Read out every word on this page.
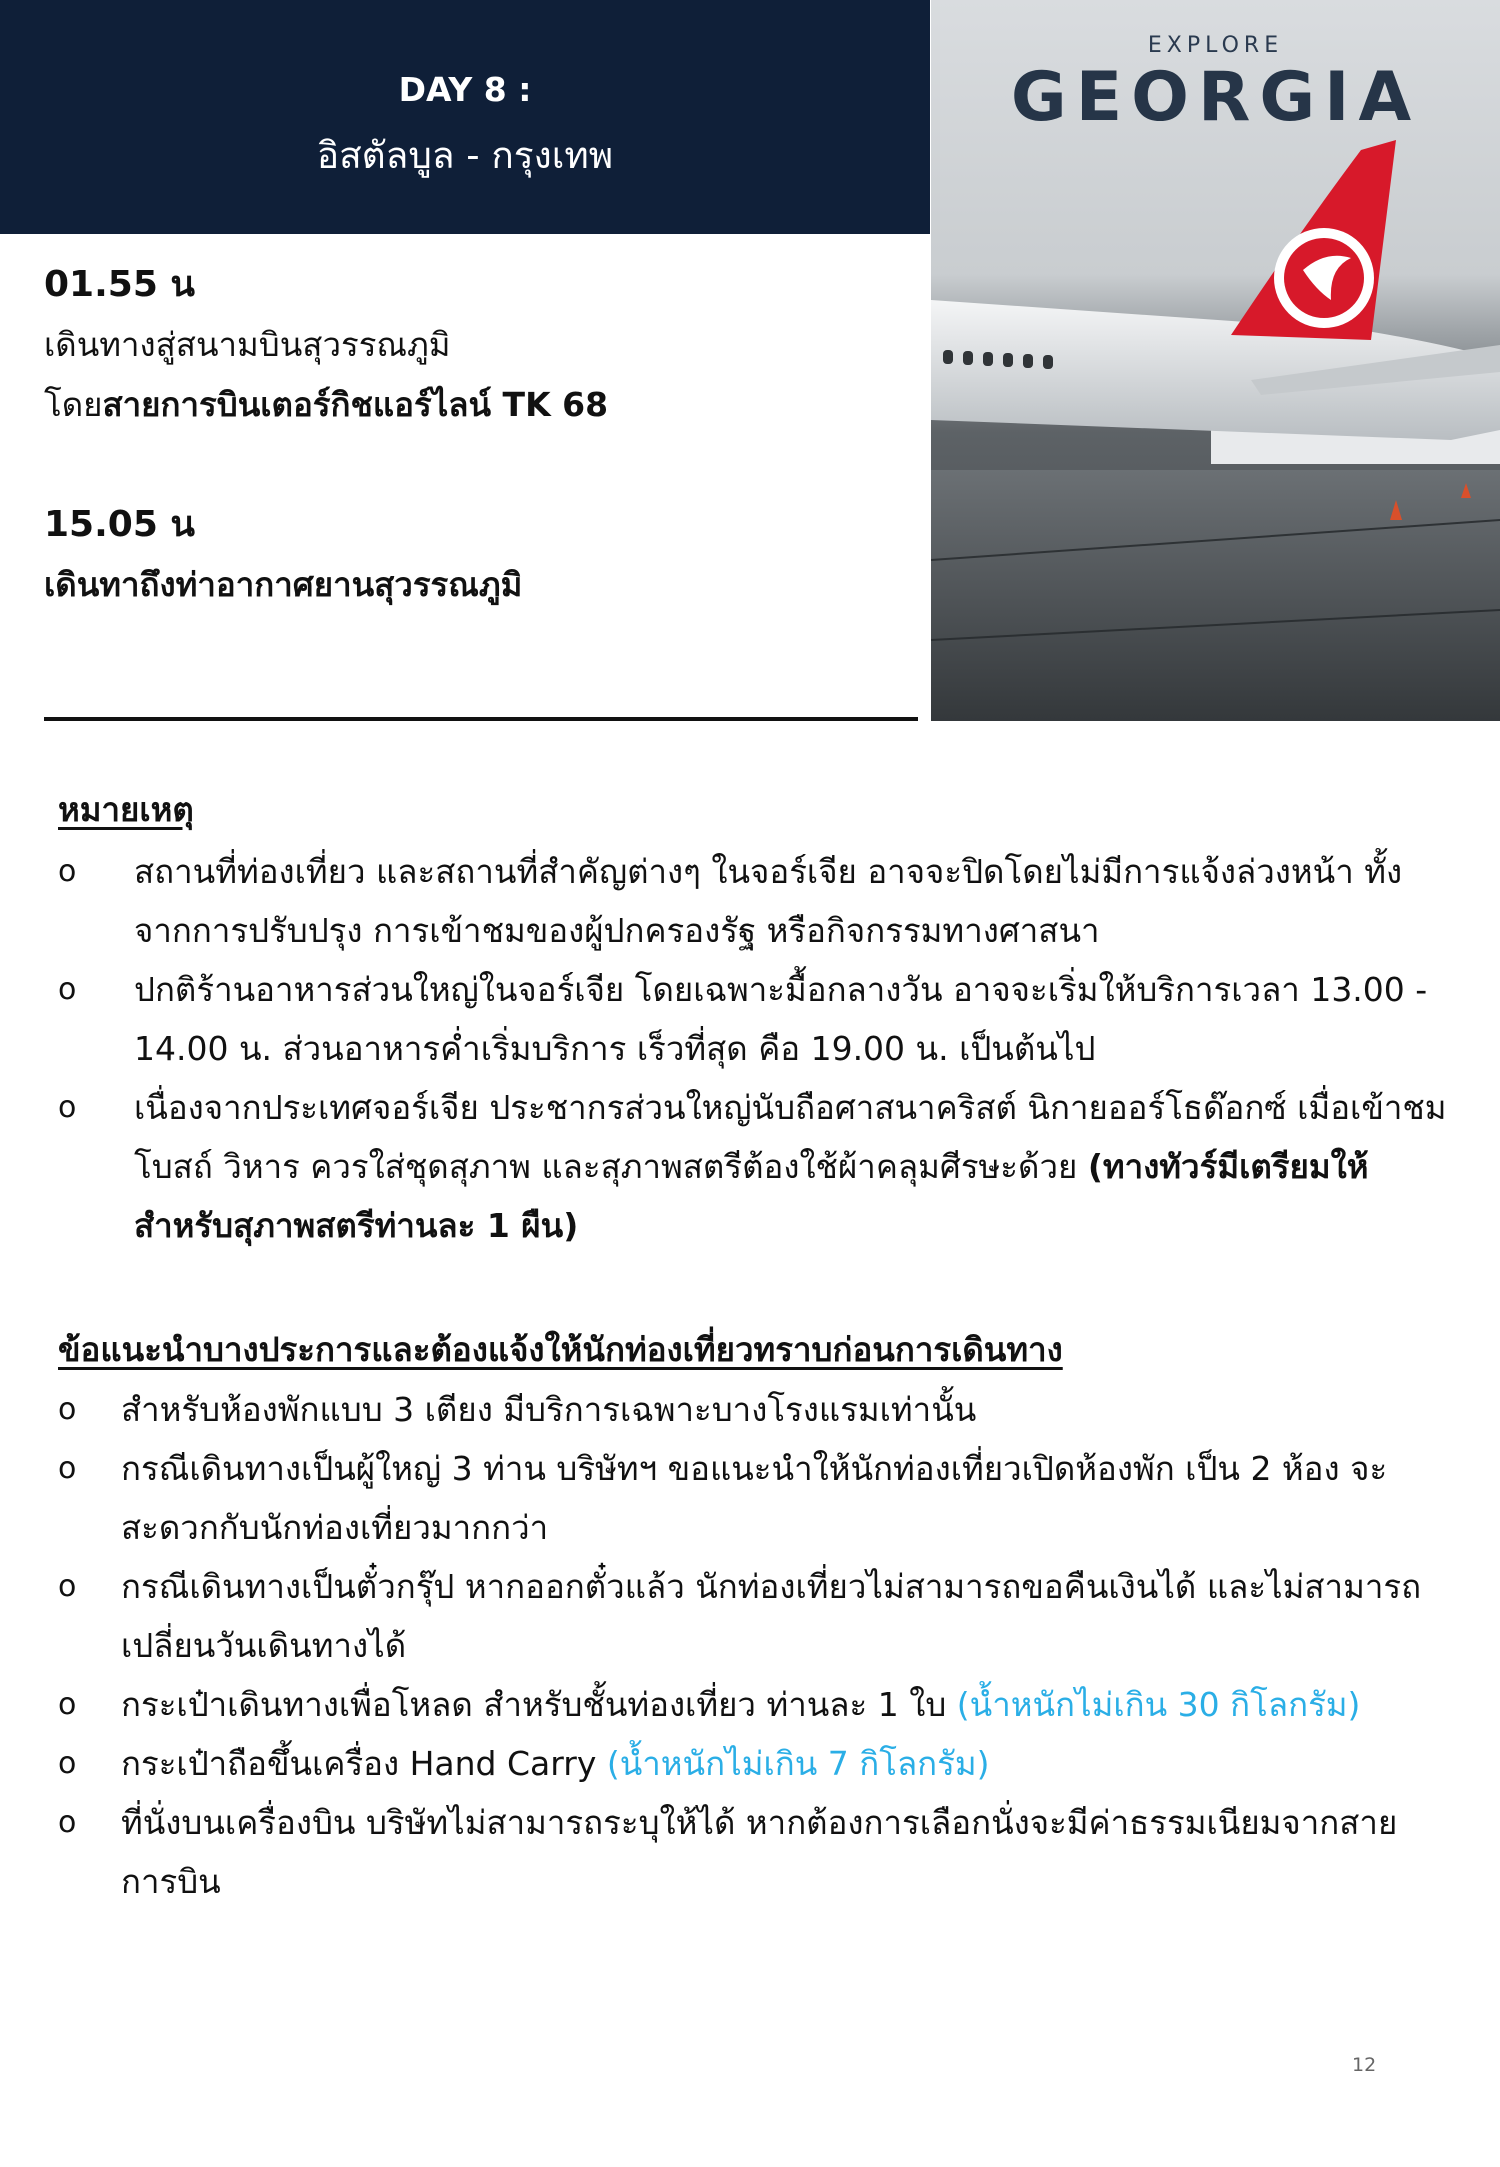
DAY 8 :
อิสตัลบูล - กรุงเทพ
EXPLORE
GEORGIA
01.55 น
เดินทางสู่สนามบินสุวรรณภูมิ
โดยสายการบินเตอร์กิชแอร์ไลน์ TK 68
15.05 น
เดินทาถึงท่าอากาศยานสุวรรณภูมิ
หมายเหตุ
o สถานที่ท่องเที่ยว และสถานที่สำคัญต่างๆ ในจอร์เจีย อาจจะปิดโดยไม่มีการแจ้งล่วงหน้า ทั้งจากการปรับปรุง การเข้าชมของผู้ปกครองรัฐ หรือกิจกรรมทางศาสนา
o ปกติร้านอาหารส่วนใหญ่ในจอร์เจีย โดยเฉพาะมื้อกลางวัน อาจจะเริ่มให้บริการเวลา 13.00 - 14.00 น. ส่วนอาหารค่ำเริ่มบริการ เร็วที่สุด คือ 19.00 น. เป็นต้นไป
o เนื่องจากประเทศจอร์เจีย ประชากรส่วนใหญ่นับถือศาสนาคริสต์ นิกายออร์โธด๊อกซ์ เมื่อเข้าชมโบสถ์ วิหาร ควรใส่ชุดสุภาพ และสุภาพสตรีต้องใช้ผ้าคลุมศีรษะด้วย (ทางทัวร์มีเตรียมให้สำหรับสุภาพสตรีท่านละ 1 ผืน)
ข้อแนะนำบางประการและต้องแจ้งให้นักท่องเที่ยวทราบก่อนการเดินทาง
o สำหรับห้องพักแบบ 3 เตียง มีบริการเฉพาะบางโรงแรมเท่านั้น
o กรณีเดินทางเป็นผู้ใหญ่ 3 ท่าน บริษัทฯ ขอแนะนำให้นักท่องเที่ยวเปิดห้องพัก เป็น 2 ห้อง จะสะดวกกับนักท่องเที่ยวมากกว่า
o กรณีเดินทางเป็นตั๋วกรุ๊ป หากออกตั๋วแล้ว นักท่องเที่ยวไม่สามารถขอคืนเงินได้ และไม่สามารถเปลี่ยนวันเดินทางได้
o กระเป๋าเดินทางเพื่อโหลด สำหรับชั้นท่องเที่ยว ท่านละ 1 ใบ (น้ำหนักไม่เกิน 30 กิโลกรัม)
o กระเป๋าถือขึ้นเครื่อง Hand Carry (น้ำหนักไม่เกิน 7 กิโลกรัม)
o ที่นั่งบนเครื่องบิน บริษัทไม่สามารถระบุให้ได้ หากต้องการเลือกนั่งจะมีค่าธรรมเนียมจากสายการบิน
12
